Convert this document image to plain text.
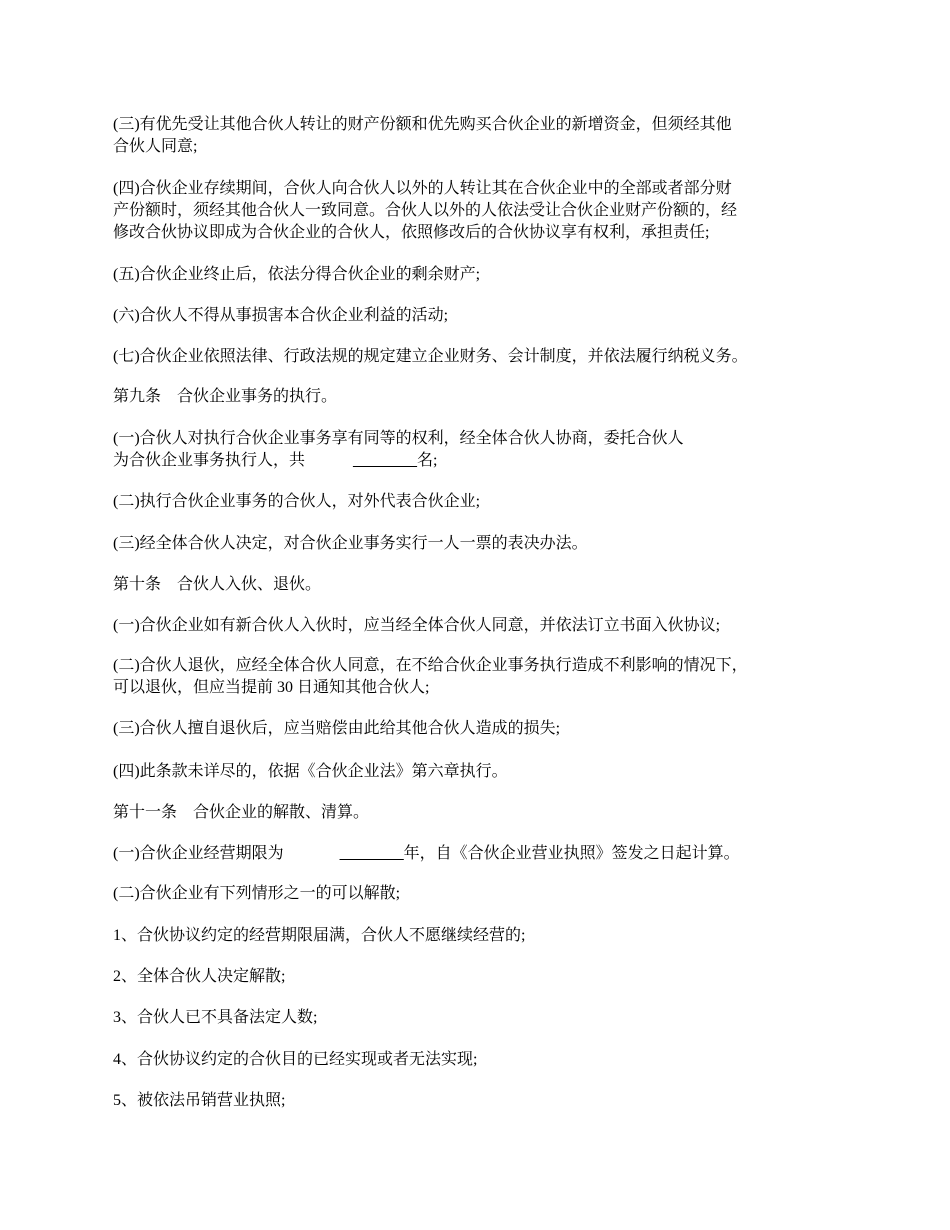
(三)有优先受让其他合伙人转让的财产份额和优先购买合伙企业的新增资金，但须经其他
合伙人同意;

(四)合伙企业存续期间，合伙人向合伙人以外的人转让其在合伙企业中的全部或者部分财
产份额时，须经其他合伙人一致同意。合伙人以外的人依法受让合伙企业财产份额的，经
修改合伙协议即成为合伙企业的合伙人，依照修改后的合伙协议享有权利，承担责任;

(五)合伙企业终止后，依法分得合伙企业的剩余财产;

(六)合伙人不得从事损害本合伙企业利益的活动;

(七)合伙企业依照法律、行政法规的规定建立企业财务、会计制度，并依法履行纳税义务。

第九条　合伙企业事务的执行。

(一)合伙人对执行合伙企业事务享有同等的权利，经全体合伙人协商，委托合伙人
为合伙企业事务执行人，共	________名;

(二)执行合伙企业事务的合伙人，对外代表合伙企业;

(三)经全体合伙人决定，对合伙企业事务实行一人一票的表决办法。

第十条　合伙人入伙、退伙。

(一)合伙企业如有新合伙人入伙时，应当经全体合伙人同意，并依法订立书面入伙协议;

(二)合伙人退伙，应经全体合伙人同意，在不给合伙企业事务执行造成不利影响的情况下，
可以退伙，但应当提前 30 日通知其他合伙人;

(三)合伙人擅自退伙后，应当赔偿由此给其他合伙人造成的损失;

(四)此条款未详尽的，依据《合伙企业法》第六章执行。

第十一条　合伙企业的解散、清算。

(一)合伙企业经营期限为	________年，自《合伙企业营业执照》签发之日起计算。

(二)合伙企业有下列情形之一的可以解散;

1、合伙协议约定的经营期限届满，合伙人不愿继续经营的;

2、全体合伙人决定解散;

3、合伙人已不具备法定人数;

4、合伙协议约定的合伙目的已经实现或者无法实现;

5、被依法吊销营业执照;
